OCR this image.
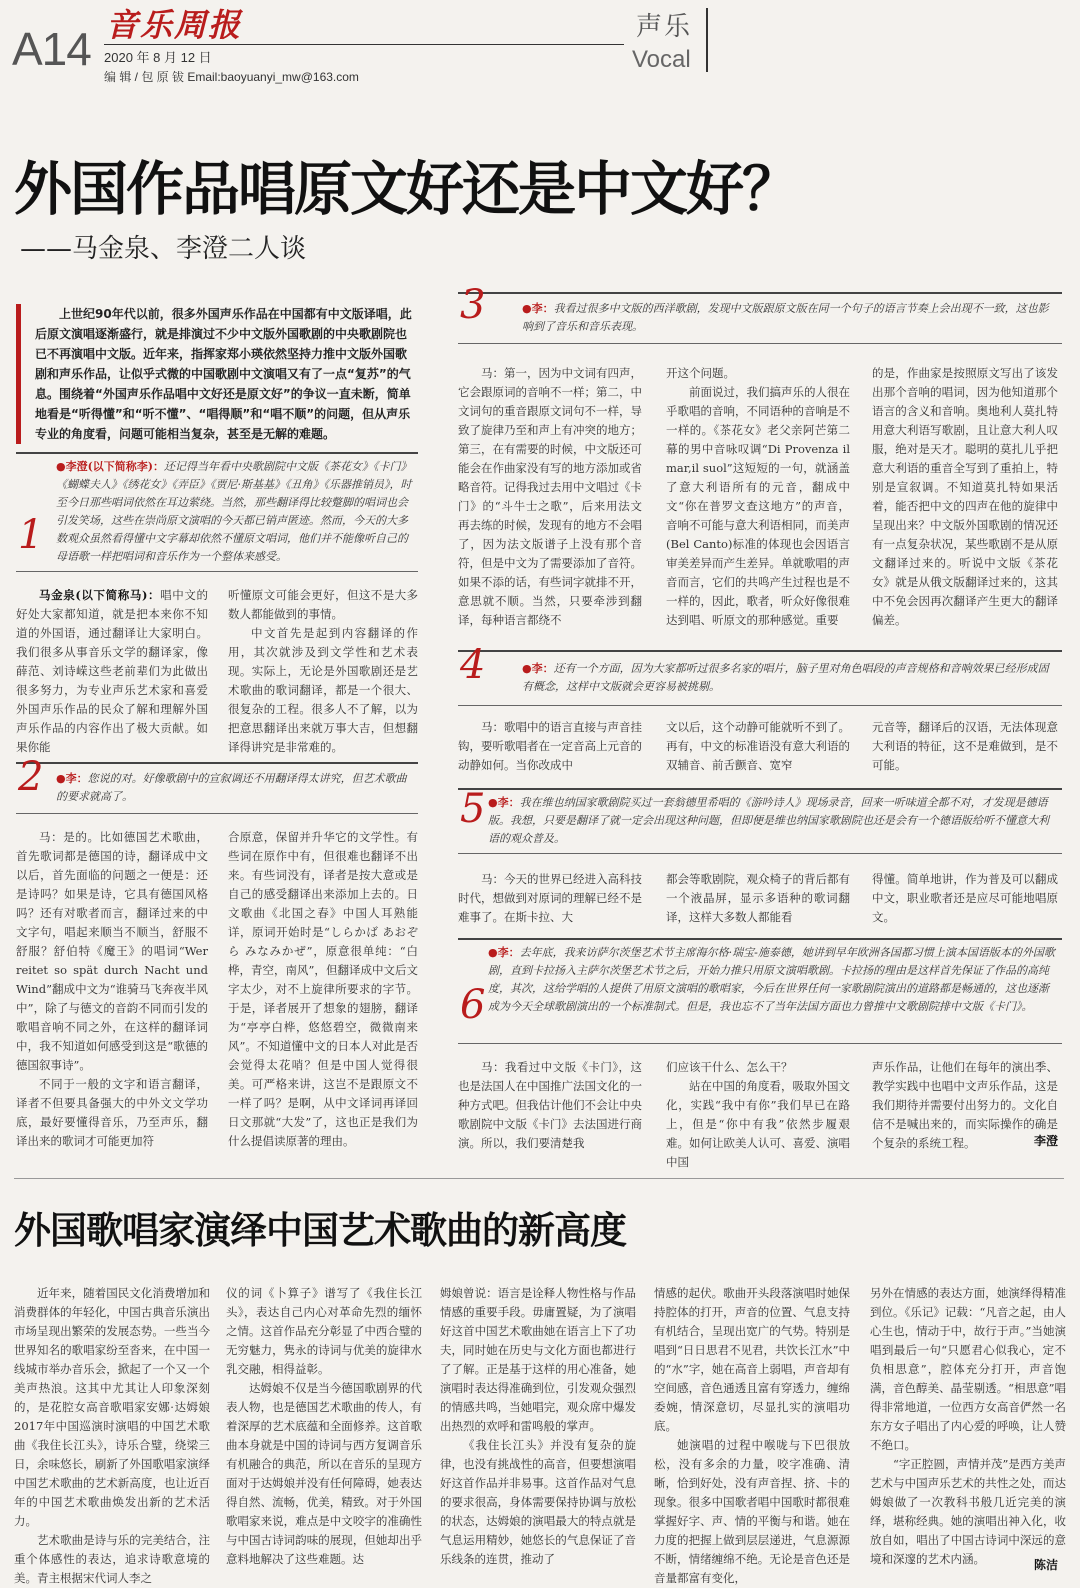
A14 音乐周报
2020 年 8 月 12 日
编 辑 / 包 原 钹 Email:baoyuanyi_mw@163.com
声乐
Vocal
外国作品唱原文好还是中文好？
——马金泉、李澄二人谈
上世纪90年代以前，很多外国声乐作品在中国都有中文版译唱，此后原文演唱逐渐盛行，就是排演过不少中文版外国歌剧的中央歌剧院也已不再演唱中文版。近年来，指挥家郑小瑛依然坚持力推中文版外国歌剧和声乐作品，让似乎式微的中国歌剧中文演唱又有了一点“复苏”的气息。围绕着“外国声乐作品唱中文好还是原文好”的争议一直未断，简单地看是“听得懂”和“听不懂”、“唱得顺”和“唱不顺”的问题，但从声乐专业的角度看，问题可能相当复杂，甚至是无解的难题。
1
●李澄(以下简称李)：还记得当年看中央歌剧院中文版《茶花女》《卡门》《蝴蝶夫人》《绣花女》《弄臣》《贾尼·斯基基》《丑角》《乐器推销员》，时至今日那些唱词依然在耳边萦绕。当然，那些翻译得比较蹩脚的唱词也会引发笑场，这些在崇尚原文演唱的今天都已销声匿迹。然而，今天的大多数观众虽然看得懂中文字幕却依然不懂原文唱词，他们并不能像听自己的母语歌一样把唱词和音乐作为一个整体来感受。
马金泉(以下简称马)：唱中文的好处大家都知道，就是把本来你不知道的外国语，通过翻译让大家明白。我们很多从事音乐文学的翻译家，像薛范、刘诗嵘这些老前辈们为此做出很多努力，为专业声乐艺术家和喜爱外国声乐作品的民众了解和理解外国声乐作品的内容作出了极大贡献。如果你能
听懂原文可能会更好，但这不是大多数人都能做到的事情。
中文首先是起到内容翻译的作用，其次就涉及到文学性和艺术表现。实际上，无论是外国歌剧还是艺术歌曲的歌词翻译，都是一个很大、很复杂的工程。很多人不了解，以为把意思翻译出来就万事大吉，但想翻译得讲究是非常难的。
2 ●李：您说的对。好像歌剧中的宣叙调还不用翻译得太讲究，但艺术歌曲的要求就高了。
马：是的。比如德国艺术歌曲，首先歌词都是德国的诗，翻译成中文以后，首先面临的问题之一便是：还是诗吗？如果是诗，它具有德国风格吗？还有对歌者而言，翻译过来的中文字句，唱起来顺当不顺当，舒服不舒服？舒伯特《魔王》的唱词“Wer reitet so spät durch Nacht und Wind”翻成中文为“谁骑马飞奔夜半风中”，除了与德文的音韵不同而引发的歌唱音响不同之外，在这样的翻译词中，我不知道如何感受到这是“歌德的德国叙事诗”。
不同于一般的文字和语言翻译，译者不但要具备强大的中外文文学功底，最好要懂得音乐，乃至声乐，翻译出来的歌词才可能更加符
合原意，保留并升华它的文学性。有些词在原作中有，但很难也翻译不出来。有些词没有，译者是按大意或是自己的感受翻译出来添加上去的。日文歌曲《北国之春》中国人耳熟能详，原词开始时是“しらかば あおぞら みなみかぜ”，原意很单纯：“白桦，青空，南风”，但翻译成中文后文字太少，对不上旋律所要求的字节。于是，译者展开了想象的翅膀，翻译为“亭亭白桦，悠悠碧空，微微南来风”。不知道懂中文的日本人对此是否会觉得太花哨？但是中国人觉得很美。可严格来讲，这岂不是跟原文不一样了吗？是啊，从中文译词再译回日文那就“大发”了，这也正是我们为什么提倡读原著的理由。
3	●李：我看过很多中文版的西洋歌剧，发现中文版跟原文版在同一个句子的语言节奏上会出现不一致，这也影响到了音乐和音乐表现。
马：第一，因为中文词有四声，它会跟原词的音响不一样；第二，中文词句的重音跟原文词句不一样，导致了旋律乃至和声上有冲突的地方；第三，在有需要的时候，中文版还可能会在作曲家没有写的地方添加或省略音符。记得我过去用中文唱过《卡门》的“斗牛士之歌”，后来用法文再去练的时候，发现有的地方不会唱了，因为法文版谱子上没有那个音符，但是中文为了需要添加了音符。如果不添的话，有些词字就排不开，意思就不顺。当然，只要牵涉到翻译，每种语言都绕不
开这个问题。
前面说过，我们搞声乐的人很在乎歌唱的音响，不同语种的音响是不一样的。《茶花女》老父亲阿芒第二幕的男中音咏叹调“Di Provenza il mar,il suol”这短短的一句，就涵盖了意大利语所有的元音，翻成中文“你在普罗文查这地方”的声音，音响不可能与意大利语相同，而美声(Bel Canto)标准的体现也会因语言审美差异而产生差异。单就歌唱的声音而言，它们的共鸣产生过程也是不一样的，因此，歌者，听众好像很难达到唱、听原文的那种感觉。重要
的是，作曲家是按照原文写出了该发出那个音响的唱词，因为他知道那个语言的含义和音响。奥地利人莫扎特用意大利语写歌剧，且让意大利人叹服，绝对是天才。聪明的莫扎儿乎把意大利语的重音全写到了重拍上，特别是宣叙调。不知道莫扎特如果活着，能否把中文的四声在他的旋律中呈现出来？中文版外国歌剧的情况还有一点复杂状况，某些歌剧不是从原文翻译过来的。听说中文版《茶花女》就是从俄文版翻译过来的，这其中不免会因再次翻译产生更大的翻译偏差。
4	●李：还有一个方面，因为大家都听过很多名家的唱片，脑子里对角色唱段的声音规格和音响效果已经形成固有概念，这样中文版就会更容易被挑剔。
马：歌唱中的语言直接与声音挂钩，要听歌唱者在一定音高上元音的动静如何。当你改成中
文以后，这个动静可能就听不到了。再有，中文的标准语没有意大利语的双辅音、前舌颤音、宽窄
元音等，翻译后的汉语，无法体现意大利语的特征，这不是难做到，是不可能。
5 ●李：我在维也纳国家歌剧院买过一套翁德里希唱的《游吟诗人》现场录音，回来一听味道全都不对，才发现是德语版。我想，只要是翻译了就一定会出现这种问题，但即便是维也纳国家歌剧院也还是会有一个德语版给听不懂意大利语的观众普及。
马：今天的世界已经进入高科技时代，想做到对原词的理解已经不是难事了。在斯卡拉、大
都会等歌剧院，观众椅子的背后都有一个液晶屏，显示多语种的歌词翻译，这样大多数人都能看
得懂。简单地讲，作为普及可以翻成中文，职业歌者还是应尽可能地唱原文。
6
●李：去年底，我来访萨尔茨堡艺术节主席海尔格·瑞宝-施泰德，她讲到早年欧洲各国都习惯上演本国语版本的外国歌剧，直到卡拉扬入主萨尔茨堡艺术节之后，开始力推只用原文演唱歌剧。卡拉扬的理由是这样首先保证了作品的高纯度，其次，这给学唱的人提供了用原文演唱的歌唱家，今后在世界任何一家歌剧院演出的道路都是畅通的，这也逐渐成为今天全球歌剧演出的一个标准制式。但是，我也忘不了当年法国方面也力曾推中文歌剧院排中文版《卡门》。
马：我看过中文版《卡门》，这也是法国人在中国推广法国文化的一种方式吧。但我估计他们不会让中央歌剧院中文版《卡门》去法国进行商演。所以，我们要清楚我
们应该干什么、怎么干？
站在中国的角度看，吸取外国文化，实践“我中有你”我们早已在路上，但是“你中有我”依然步履艰难。如何让欧美人认可、喜爱、演唱中国
声乐作品，让他们在每年的演出季、教学实践中也唱中文声乐作品，这是我们期待并需要付出努力的。文化自信不是喊出来的，而实际操作的确是个复杂的系统工程。	李澄
外国歌唱家演绎中国艺术歌曲的新高度
近年来，随着国民文化消费增加和消费群体的年轻化，中国古典音乐演出市场呈现出繁荣的发展态势。一些当今世界知名的歌唱家纷至沓来，在中国一线城市举办音乐会，掀起了一个又一个美声热浪。这其中尤其让人印象深刻的，是花腔女高音歌唱家安娜·达姆娘2017年中国巡演时演唱的中国艺术歌曲《我住长江头》，诗乐合璧，绕梁三日，余味悠长，刷新了外国歌唱家演绎中国艺术歌曲的艺术新高度，也让近百年的中国艺术歌曲焕发出新的艺术活力。
艺术歌曲是诗与乐的完美结合，注重个体感性的表达，追求诗歌意境的美。青主根据宋代词人李之
仪的词《卜算子》谱写了《我住长江头》，表达自己内心对革命先烈的缅怀之情。这首作品充分彰显了中西合璧的无穷魅力，隽永的诗词与优美的旋律水乳交融，相得益彰。
达姆娘不仅是当今德国歌剧界的代表人物，也是德国艺术歌曲的传人，有着深厚的艺术底蕴和全面修养。这首歌曲本身就是中国的诗词与西方复调音乐有机融合的典范，所以在音乐的呈现方面对于达姆娘并没有任何障碍，她表达得自然、流畅，优美，精致。对于外国歌唱家来说，难点是中文咬字的准确性与中国古诗词韵味的展现，但她却出乎意料地解决了这些难题。达
姆娘曾说：语言是诠释人物性格与作品情感的重要手段。毋庸置疑，为了演唱好这首中国艺术歌曲她在语言上下了功夫，同时她在历史与文化方面也都进行了了解。正是基于这样的用心准备，她演唱时表达得准确到位，引发观众强烈的情感共鸣，当她唱完，观众席中爆发出热烈的欢呼和雷鸣般的掌声。
《我住长江头》并没有复杂的旋律，也没有挑战性的高音，但要想演唱好这首作品并非易事。这首作品对气息的要求很高，身体需要保持协调与放松的状态，达姆娘的演唱最大的特点就是气息运用精妙，她悠长的气息保证了音乐线条的连贯，推动了
情感的起伏。歌曲开头段落演唱时她保持腔体的打开，声音的位置、气息支持有机结合，呈现出宽广的气势。特别是唱到“日日思君不见君，共饮长江水”中的“水”字，她在高音上弱唱，声音却有空间感，音色通透且富有穿透力，缠绵委婉，情深意切，尽显扎实的演唱功底。
她演唱的过程中喉咙与下巴很放松，没有多余的力量，咬字准确、清晰，恰到好处，没有声音捏、挤、卡的现象。很多中国歌者唱中国歌时都很难掌握好字、声、情的平衡与和谐。她在力度的把握上做到层层递进，气息源源不断，情绪缠绵不绝。无论是音色还是音量都富有变化，
另外在情感的表达方面，她演绎得精准到位。《乐记》记载：“凡音之起，由人心生也，情动于中，故行于声。”当她演唱到最后一句“只愿君心似我心，定不负相思意”，腔体充分打开，声音饱满，音色醇美、晶莹剔透。“相思意”唱得非常地道，一位西方女高音俨然一名东方女子唱出了内心爱的呼唤，让人赞不绝口。
“字正腔圆，声情并茂”是西方美声艺术与中国声乐艺术的共性之处，而达姆娘做了一次教科书般几近完美的演绎，堪称经典。她的演唱出神入化，收放自如，唱出了中国古诗词中深远的意境和深邃的艺术内涵。	陈洁
